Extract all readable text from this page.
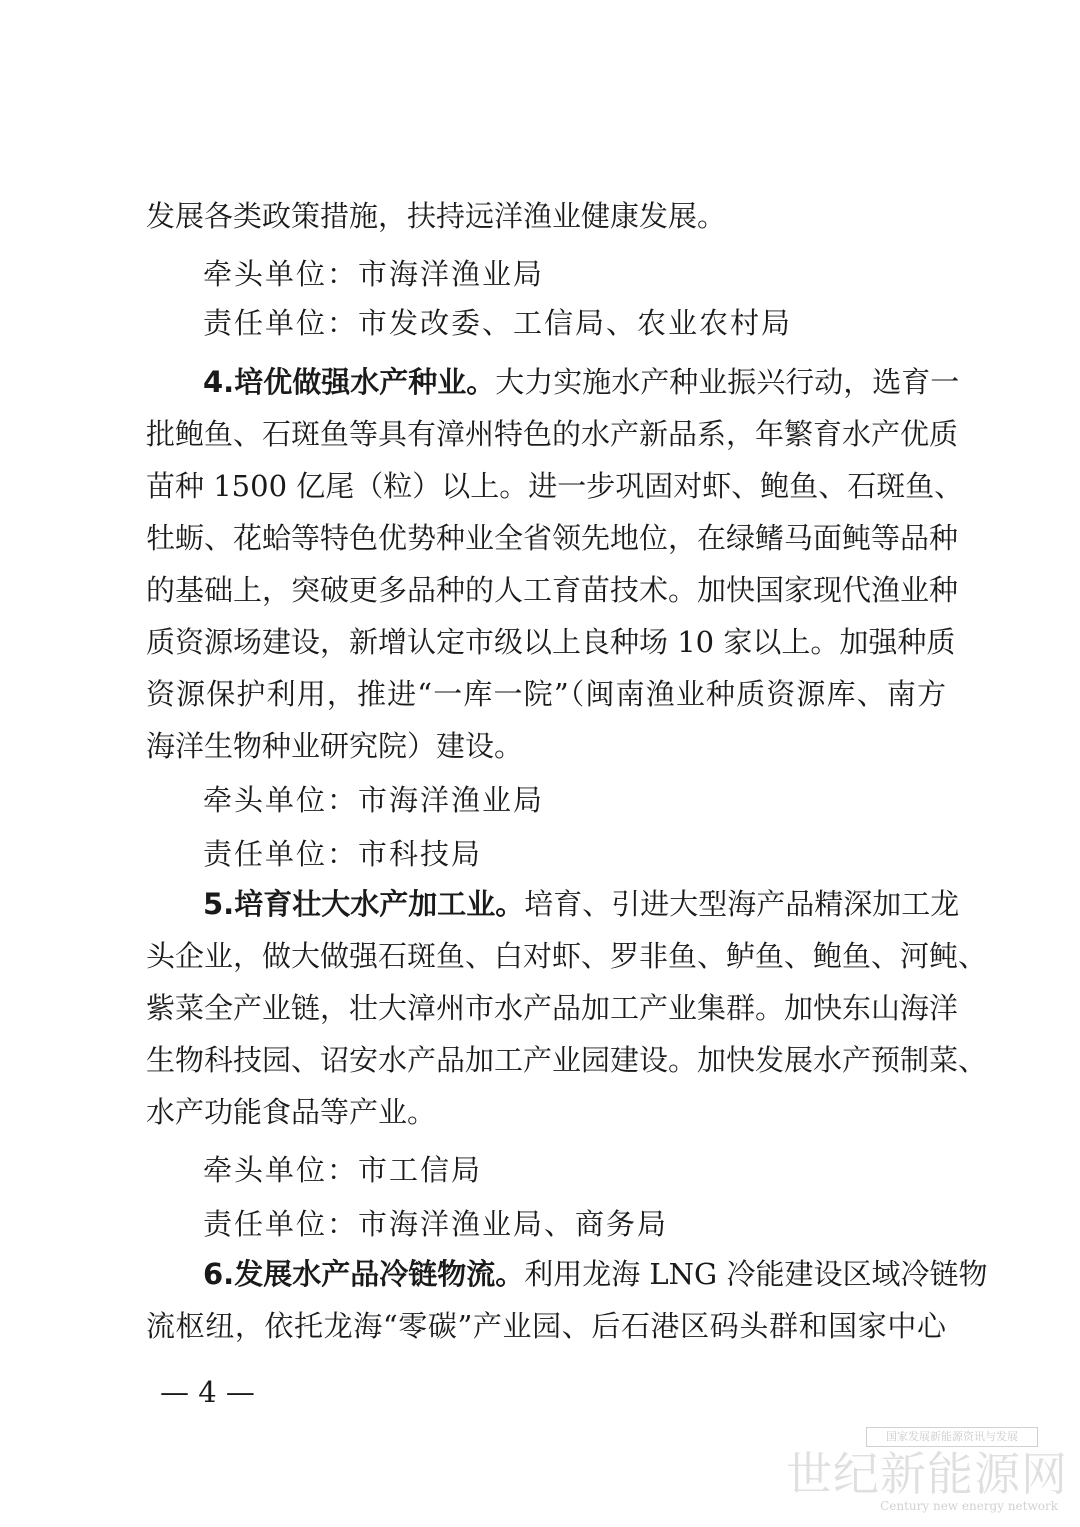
发展各类政策措施，扶持远洋渔业健康发展。
牵头单位：市海洋渔业局
责任单位：市发改委、工信局、农业农村局
4.培优做强水产种业。大力实施水产种业振兴行动，选育一
批鲍鱼、石斑鱼等具有漳州特色的水产新品系，年繁育水产优质
苗种 1500 亿尾（粒）以上。进一步巩固对虾、鲍鱼、石斑鱼、
牡蛎、花蛤等特色优势种业全省领先地位，在绿鳍马面鲀等品种
的基础上，突破更多品种的人工育苗技术。加快国家现代渔业种
质资源场建设，新增认定市级以上良种场 10 家以上。加强种质
资源保护利用，推进“一库一院”（闽南渔业种质资源库、南方
海洋生物种业研究院）建设。
牵头单位：市海洋渔业局
责任单位：市科技局
5.培育壮大水产加工业。培育、引进大型海产品精深加工龙
头企业，做大做强石斑鱼、白对虾、罗非鱼、鲈鱼、鲍鱼、河鲀、
紫菜全产业链，壮大漳州市水产品加工产业集群。加快东山海洋
生物科技园、诏安水产品加工产业园建设。加快发展水产预制菜、
水产功能食品等产业。
牵头单位：市工信局
责任单位：市海洋渔业局、商务局
6.发展水产品冷链物流。利用龙海 LNG 冷能建设区域冷链物
流枢纽，依托龙海“零碳”产业园、后石港区码头群和国家中心
— 4 —
国家发展新能源资讯与发展
世纪新能源网
Century new energy network
